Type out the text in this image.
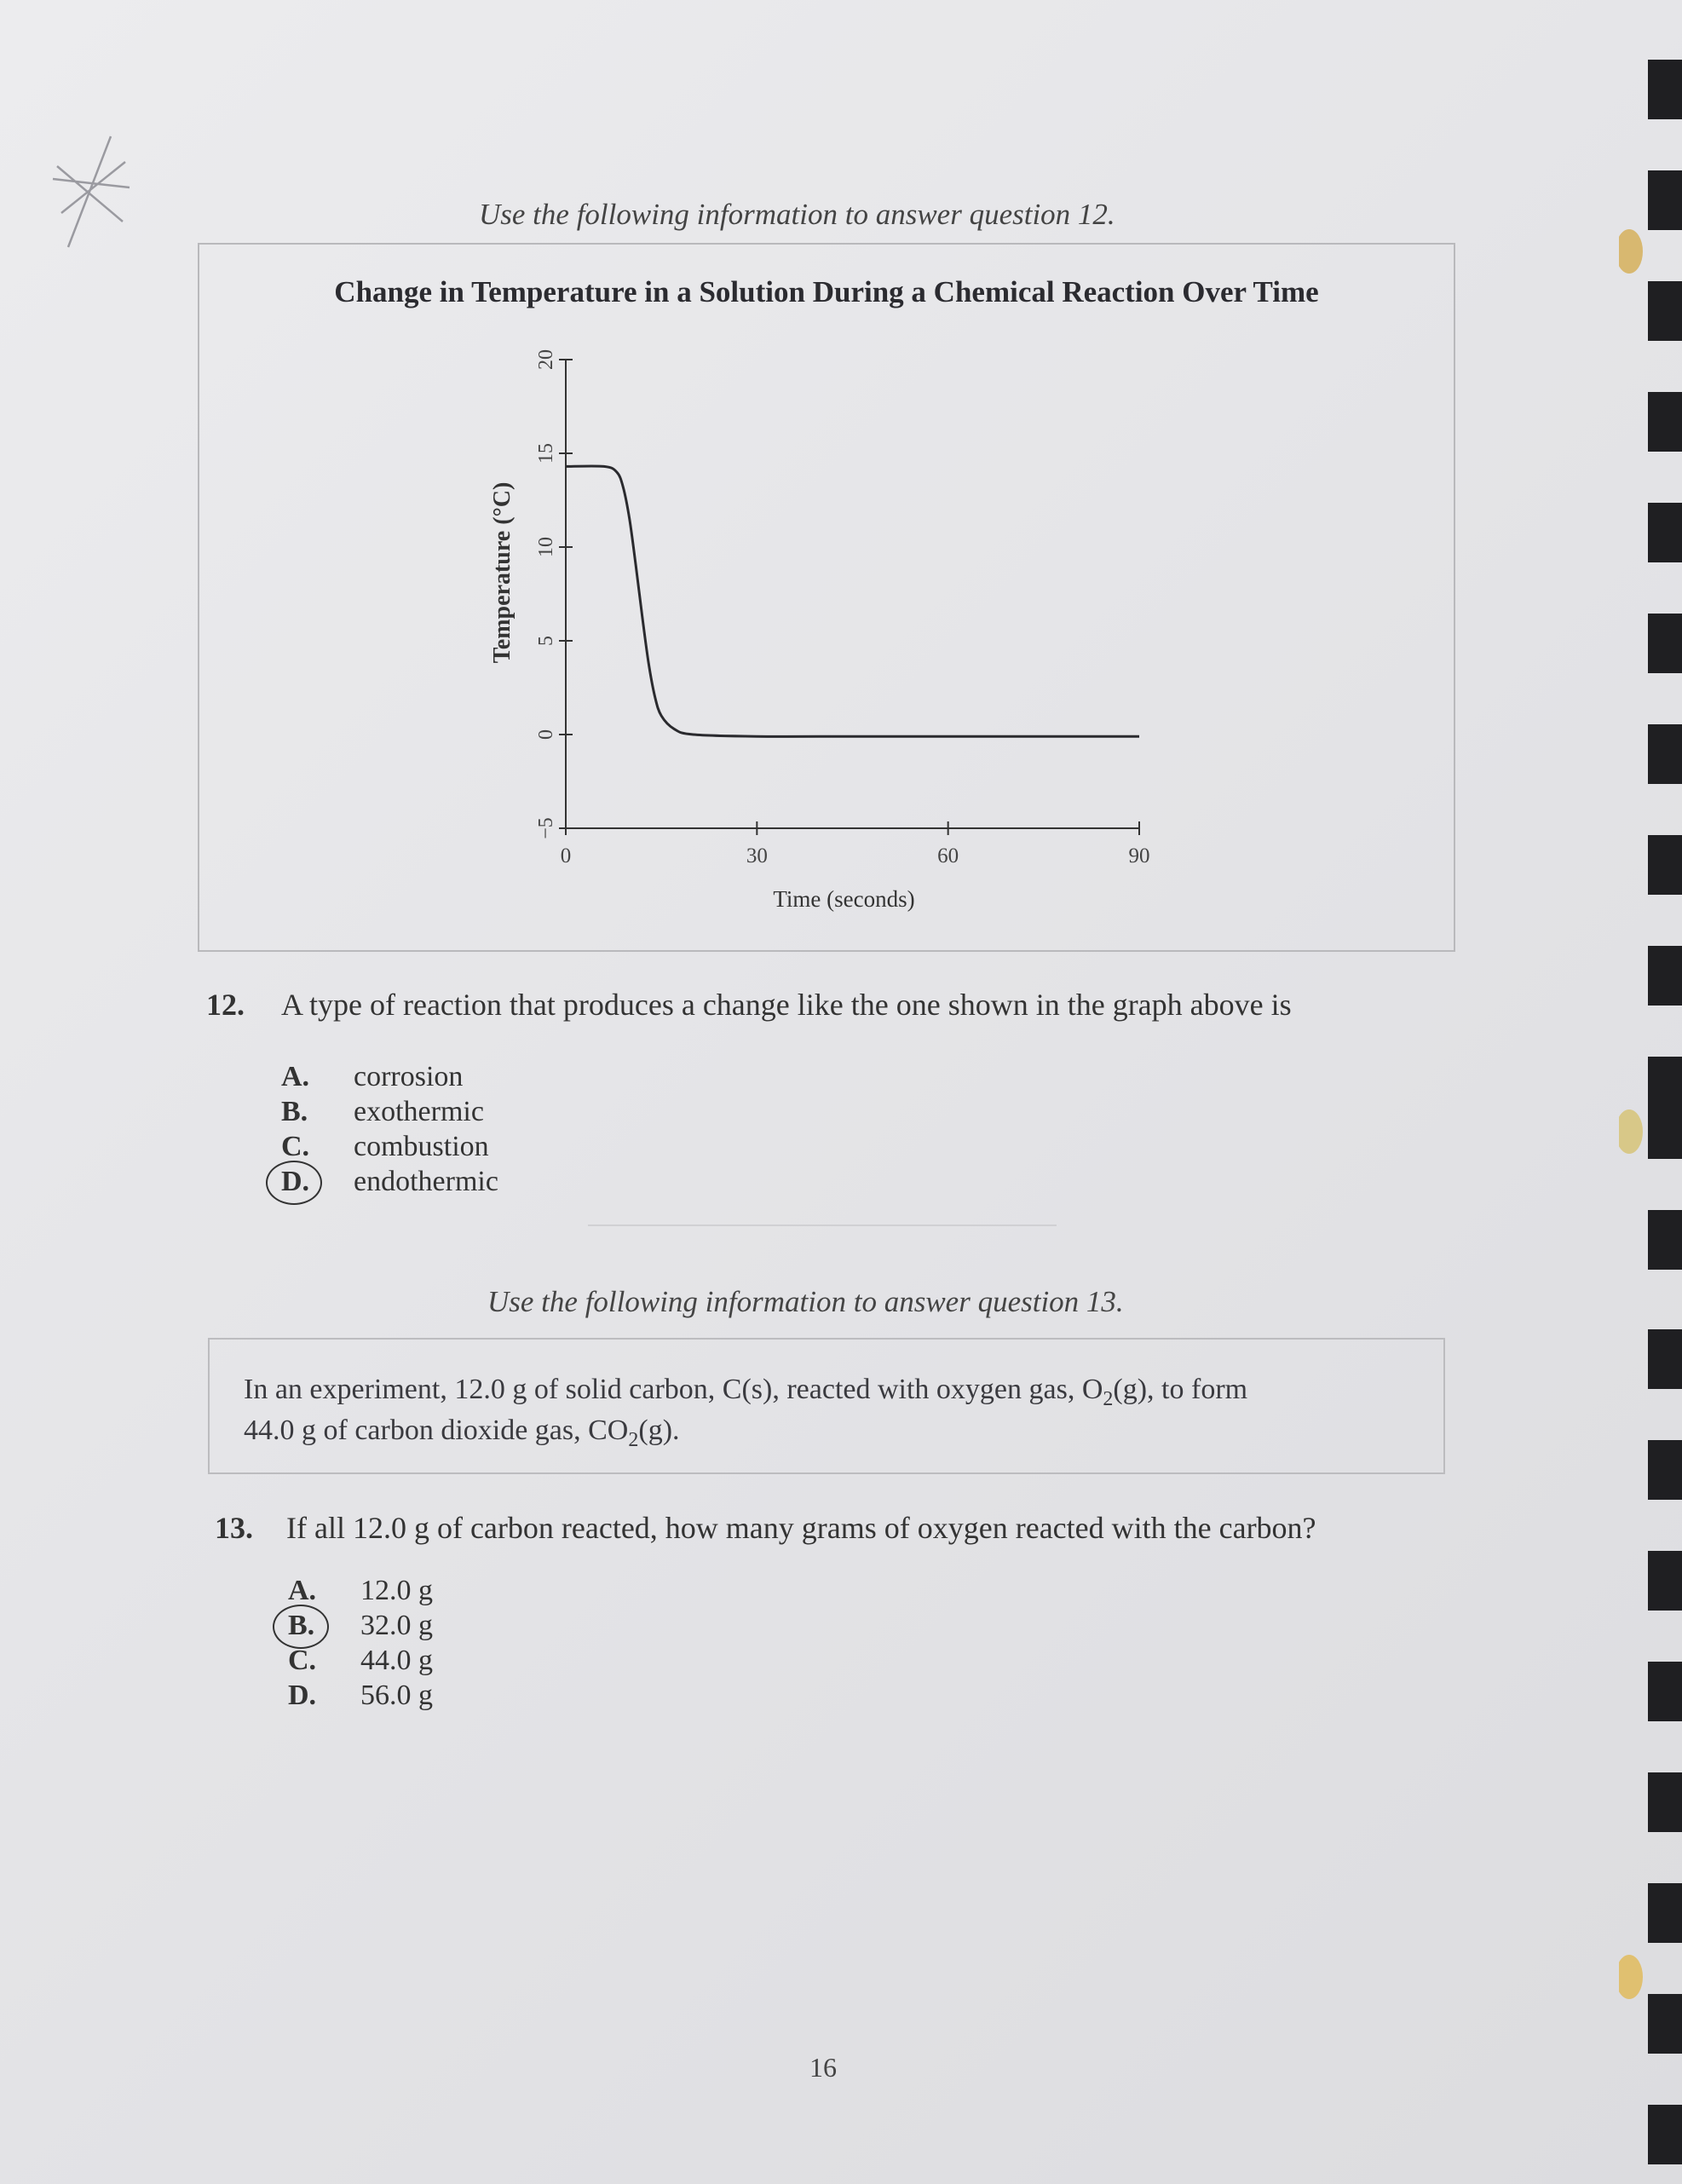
Use the following information to answer question 12.
Change in Temperature in a Solution During a Chemical Reaction Over Time
−5
0
5
10
15
20
0	30	60	90
Time (seconds)
Temperature (°C)
12. A type of reaction that produces a change like the one shown in the graph above is
A. corrosion
B. exothermic
C. combustion
D. endothermic
Use the following information to answer question 13.
In an experiment, 12.0 g of solid carbon, C(s), reacted with oxygen gas, $O_2(g)$, to form
44.0 g of carbon dioxide gas, $CO_2(g)$.
13. If all 12.0 g of carbon reacted, how many grams of oxygen reacted with the carbon?
A. 12.0 g
B. 32.0 g
C. 44.0 g
D. 56.0 g
16
